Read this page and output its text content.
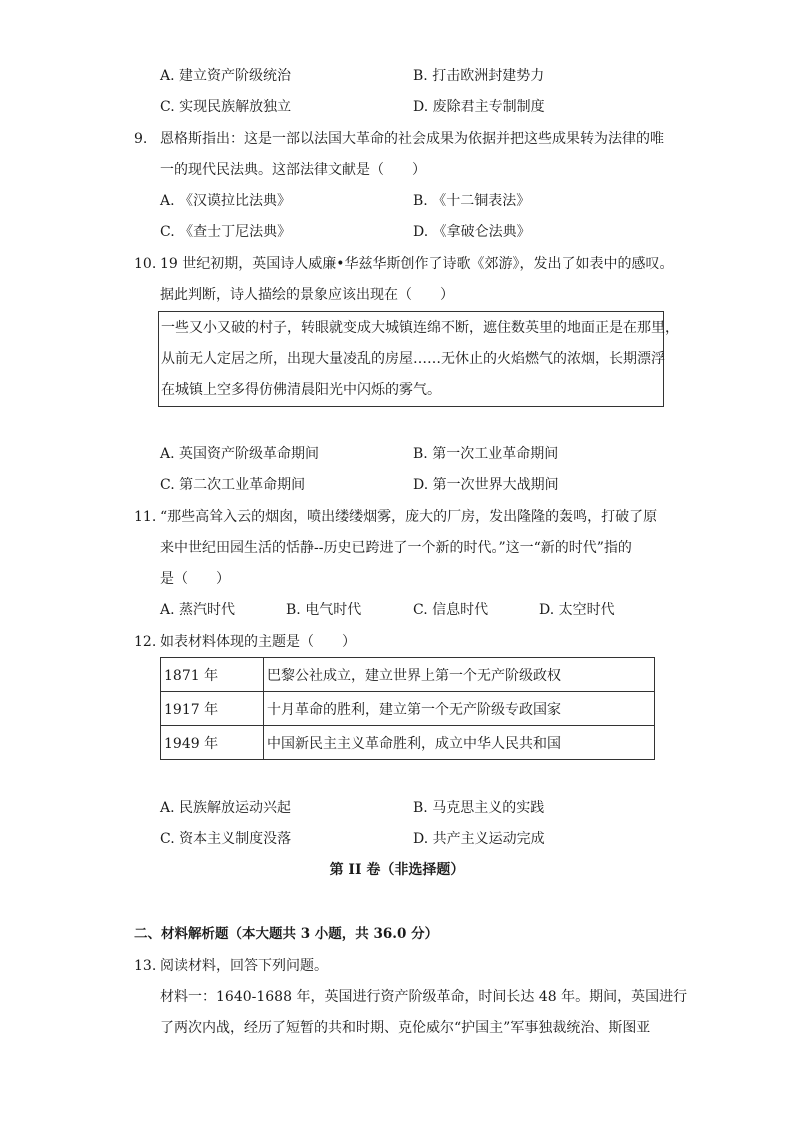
A. 建立资产阶级统治	B. 打击欧洲封建势力
C. 实现民族解放独立	D. 废除君主专制制度
9. 恩格斯指出：这是一部以法国大革命的社会成果为依据并把这些成果转为法律的唯
一的现代民法典。这部法律文献是（　　）
A. 《汉谟拉比法典》	B. 《十二铜表法》
C. 《查士丁尼法典》	D. 《拿破仑法典》
10. 19 世纪初期，英国诗人威廉•华兹华斯创作了诗歌《郊游》，发出了如表中的感叹。
据此判断，诗人描绘的景象应该出现在（　　）
一些又小又破的村子，转眼就变成大城镇连绵不断，遮住数英里的地面正是在那里，
从前无人定居之所，出现大量凌乱的房屋……无休止的火焰燃气的浓烟，长期漂浮
在城镇上空多得仿佛清晨阳光中闪烁的雾气。
A. 英国资产阶级革命期间	B. 第一次工业革命期间
C. 第二次工业革命期间	D. 第一次世界大战期间
11. “那些高耸入云的烟囱，喷出缕缕烟雾，庞大的厂房，发出隆隆的轰鸣，打破了原
来中世纪田园生活的恬静--历史已跨进了一个新的时代。”这一“新的时代”指的
是（　　）
A. 蒸汽时代	B. 电气时代	C. 信息时代	D. 太空时代
12. 如表材料体现的主题是（　　）
1871 年	巴黎公社成立，建立世界上第一个无产阶级政权
1917 年	十月革命的胜利，建立第一个无产阶级专政国家
1949 年	中国新民主主义革命胜利，成立中华人民共和国
A. 民族解放运动兴起	B. 马克思主义的实践
C. 资本主义制度没落	D. 共产主义运动完成
第 II 卷（非选择题）
二、材料解析题（本大题共 3 小题，共 36.0 分）
13. 阅读材料，回答下列问题。
材料一：1640-1688 年，英国进行资产阶级革命，时间长达 48 年。期间，英国进行
了两次内战，经历了短暂的共和时期、克伦威尔“护国主”军事独裁统治、斯图亚
